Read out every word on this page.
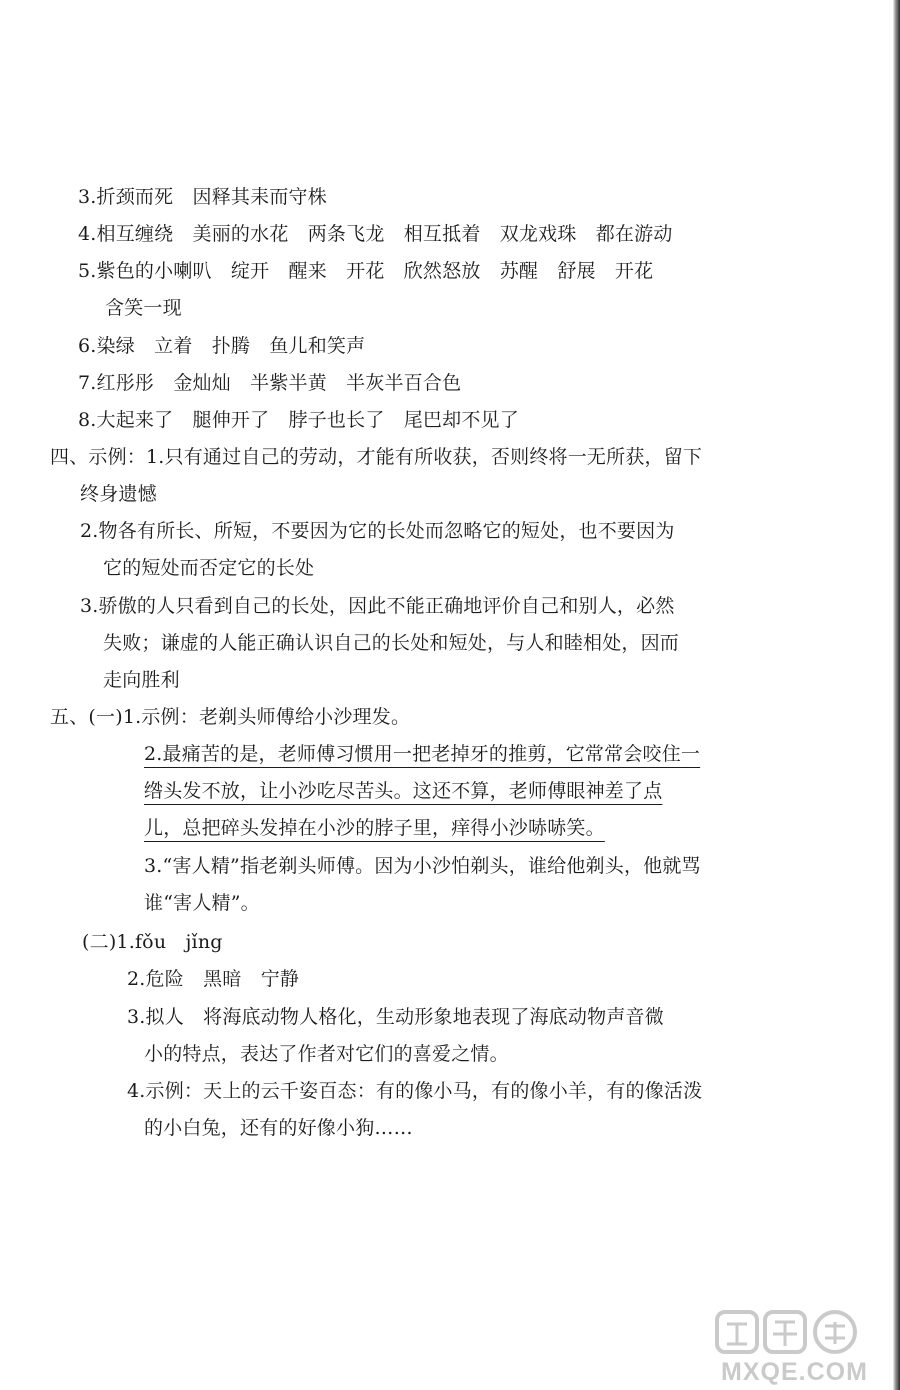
3.折颈而死　因释其耒而守株
4.相互缠绕　美丽的水花　两条飞龙　相互抵着　双龙戏珠　都在游动
5.紫色的小喇叭　绽开　醒来　开花　欣然怒放　苏醒　舒展　开花
含笑一现
6.染绿　立着　扑腾　鱼儿和笑声
7.红彤彤　金灿灿　半紫半黄　半灰半百合色
8.大起来了　腿伸开了　脖子也长了　尾巴却不见了
四、示例：1.只有通过自己的劳动，才能有所收获，否则终将一无所获，留下
终身遗憾
2.物各有所长、所短，不要因为它的长处而忽略它的短处，也不要因为
它的短处而否定它的长处
3.骄傲的人只看到自己的长处，因此不能正确地评价自己和别人，必然
失败；谦虚的人能正确认识自己的长处和短处，与人和睦相处，因而
走向胜利
五、(一)1.示例：老剃头师傅给小沙理发。
2.最痛苦的是，老师傅习惯用一把老掉牙的推剪，它常常会咬住一
绺头发不放，让小沙吃尽苦头。这还不算，老师傅眼神差了点
儿，总把碎头发掉在小沙的脖子里，痒得小沙哧哧笑。
3.“害人精”指老剃头师傅。因为小沙怕剃头，谁给他剃头，他就骂
谁“害人精”。
(二)1.fǒu　jǐng
2.危险　黑暗　宁静
3.拟人　将海底动物人格化，生动形象地表现了海底动物声音微
小的特点，表达了作者对它们的喜爱之情。
4.示例：天上的云千姿百态：有的像小马，有的像小羊，有的像活泼
的小白兔，还有的好像小狗……
MXQE.COM
